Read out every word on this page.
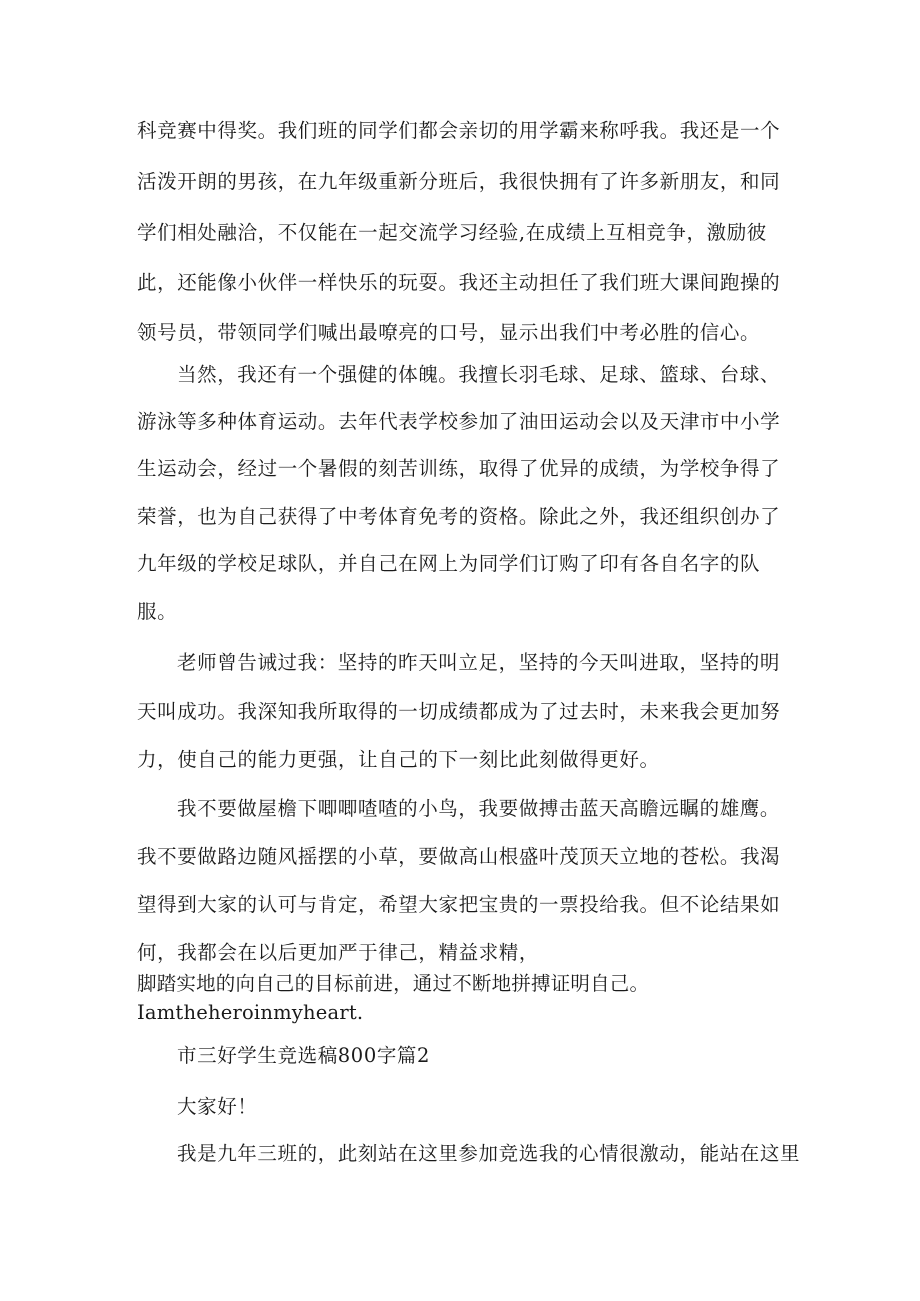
科竞赛中得奖。我们班的同学们都会亲切的用学霸来称呼我。我还是一个
活泼开朗的男孩，在九年级重新分班后，我很快拥有了许多新朋友，和同
学们相处融洽，不仅能在一起交流学习经验,在成绩上互相竞争，激励彼
此，还能像小伙伴一样快乐的玩耍。我还主动担任了我们班大课间跑操的
领号员，带领同学们喊出最嘹亮的口号，显示出我们中考必胜的信心。
当然，我还有一个强健的体魄。我擅长羽毛球、足球、篮球、台球、
游泳等多种体育运动。去年代表学校参加了油田运动会以及天津市中小学
生运动会，经过一个暑假的刻苦训练，取得了优异的成绩，为学校争得了
荣誉，也为自己获得了中考体育免考的资格。除此之外，我还组织创办了
九年级的学校足球队，并自己在网上为同学们订购了印有各自名字的队
服。
老师曾告诫过我：坚持的昨天叫立足，坚持的今天叫进取，坚持的明
天叫成功。我深知我所取得的一切成绩都成为了过去时，未来我会更加努
力，使自己的能力更强，让自己的下一刻比此刻做得更好。
我不要做屋檐下唧唧喳喳的小鸟，我要做搏击蓝天高瞻远瞩的雄鹰。
我不要做路边随风摇摆的小草，要做高山根盛叶茂顶天立地的苍松。我渴
望得到大家的认可与肯定，希望大家把宝贵的一票投给我。但不论结果如
何，我都会在以后更加严于律己，精益求精，
脚踏实地的向自己的目标前进，通过不断地拼搏证明自己。
Iamtheheroinmyheart.
市三好学生竞选稿800字篇2
大家好！
我是九年三班的，此刻站在这里参加竞选我的心情很激动，能站在这里
